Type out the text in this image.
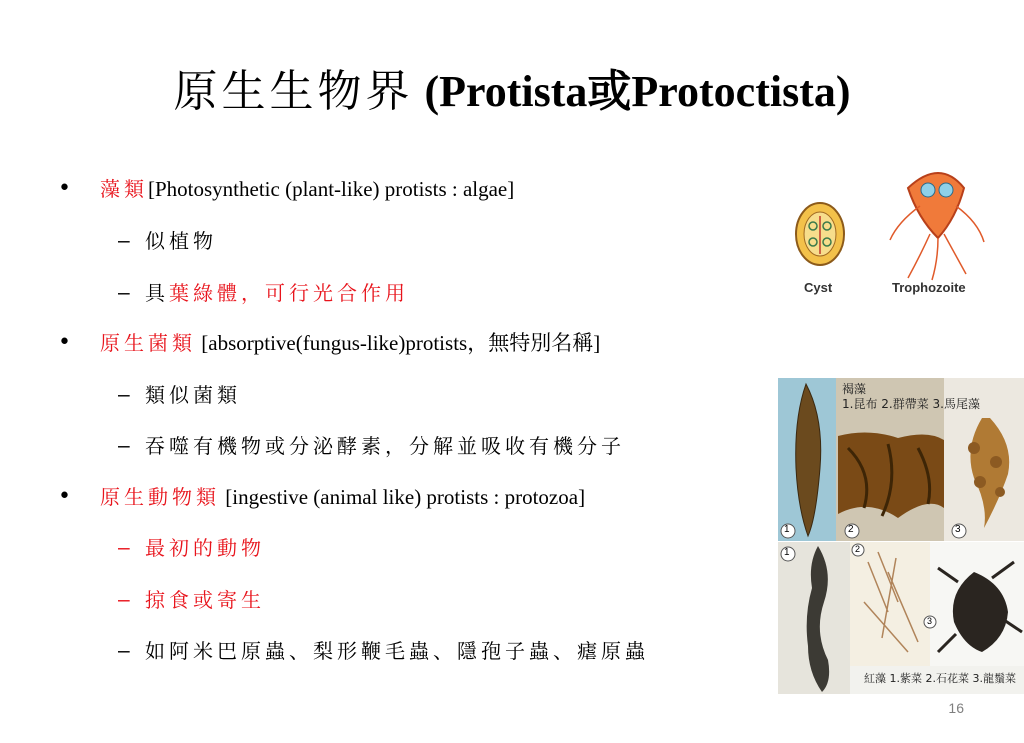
原生生物界 (Protista或Protoctista)
• 藻類[Photosynthetic (plant-like) protists : algae]
– 似植物
– 具葉綠體，可行光合作用
• 原生菌類 [absorptive(fungus-like)protists，無特別名稱]
– 類似菌類
– 吞噬有機物或分泌酵素，分解並吸收有機分子
• 原生動物類 [ingestive (animal like) protists : protozoa]
– 最初的動物
– 掠食或寄生
– 如阿米巴原蟲、梨形鞭毛蟲、隱孢子蟲、瘧原蟲
Cyst	Trophozoite
褐藻
1.昆布 2.群帶菜 3.馬尾藻
1	2	3
1	2
3
紅藻 1.紫菜 2.石花菜 3.龍鬚菜
16
